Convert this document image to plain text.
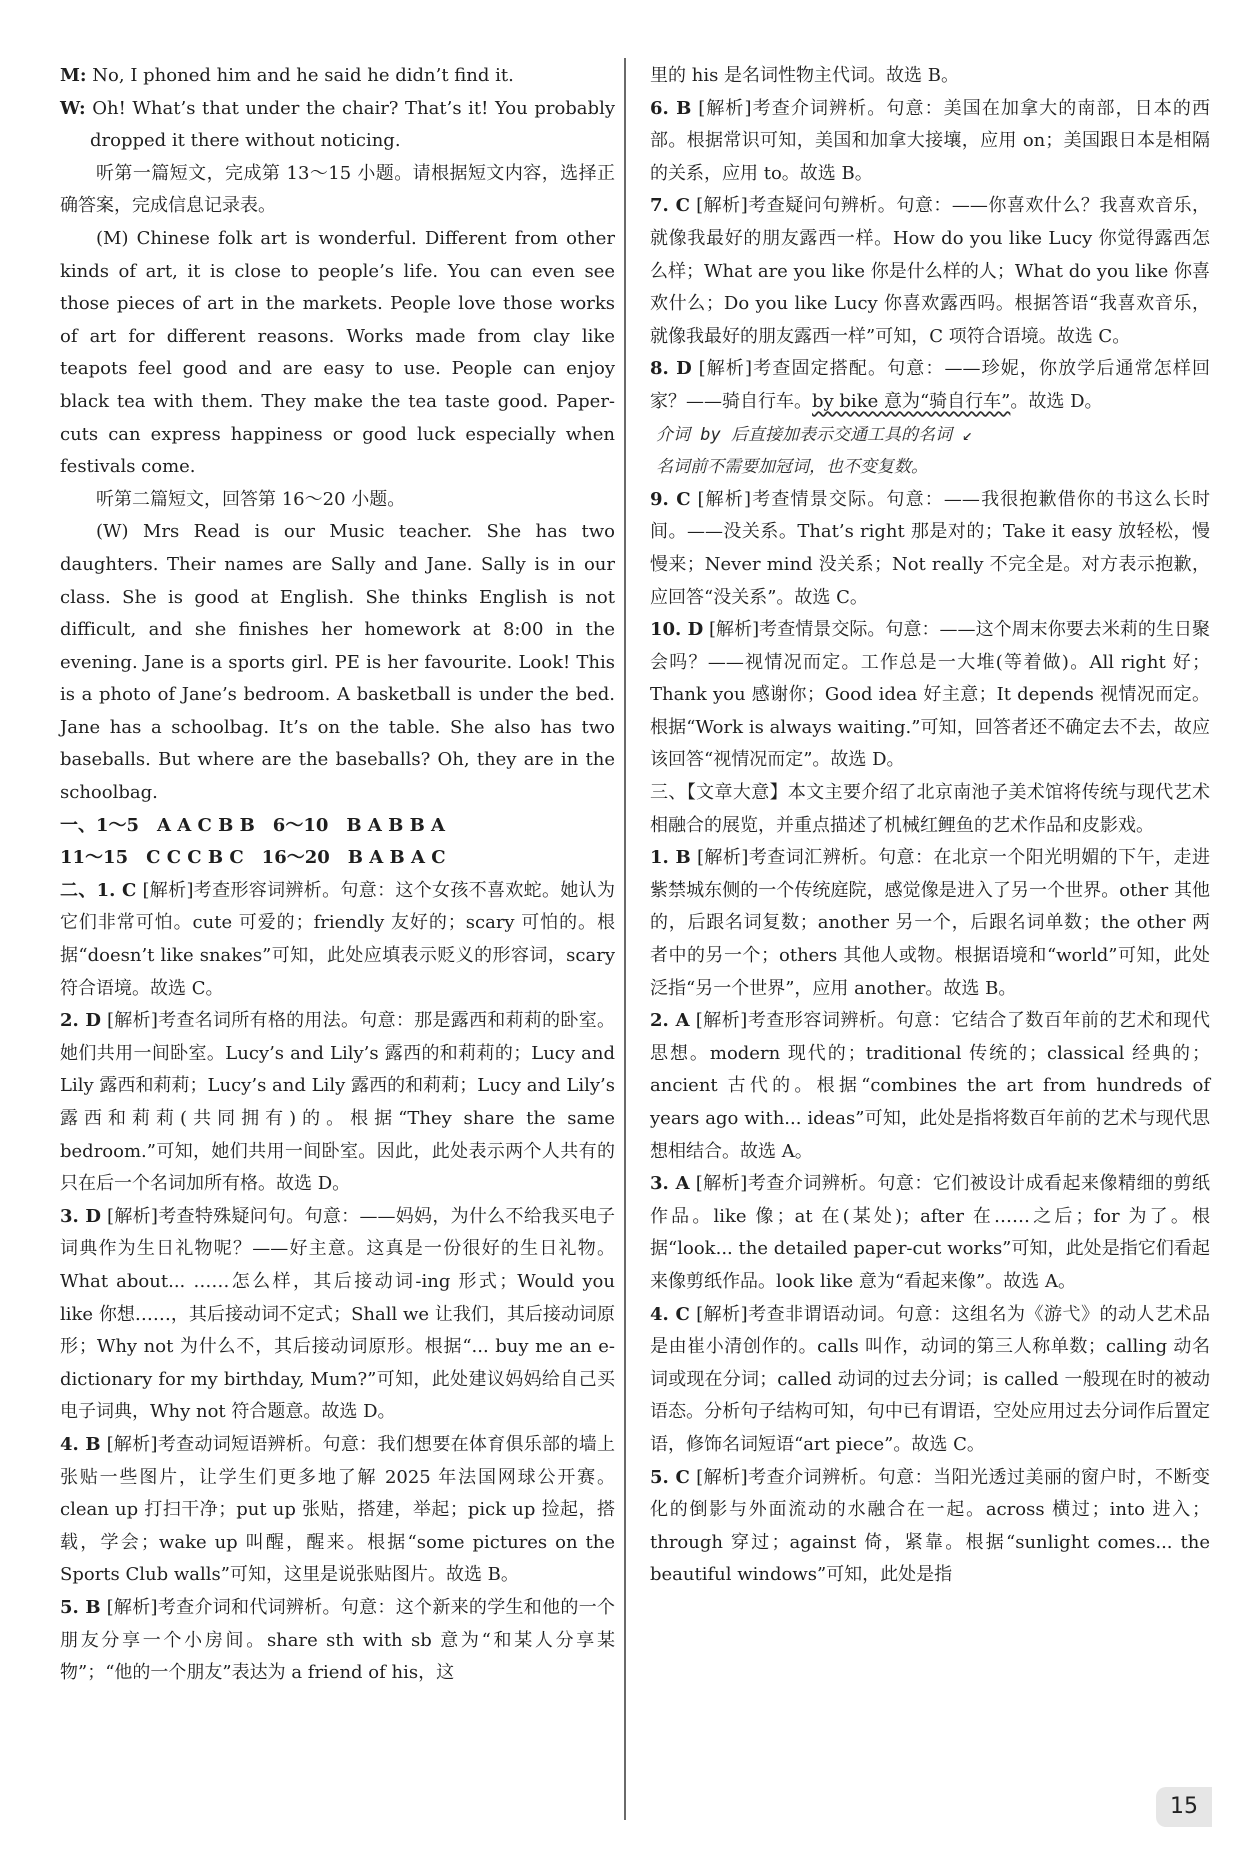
M: No, I phoned him and he said he didn’t find it.

W: Oh! What’s that under the chair? That’s it! You probably dropped it there without noticing.

听第一篇短文，完成第 13～15 小题。请根据短文内容，选择正确答案，完成信息记录表。

(M) Chinese folk art is wonderful. Different from other kinds of art, it is close to people’s life. You can even see those pieces of art in the markets. People love those works of art for different reasons. Works made from clay like teapots feel good and are easy to use. People can enjoy black tea with them. They make the tea taste good. Paper-cuts can express happiness or good luck especially when festivals come.

听第二篇短文，回答第 16～20 小题。

(W) Mrs Read is our Music teacher. She has two daughters. Their names are Sally and Jane. Sally is in our class. She is good at English. She thinks English is not difficult, and she finishes her homework at 8:00 in the evening. Jane is a sports girl. PE is her favourite. Look! This is a photo of Jane’s bedroom. A basketball is under the bed. Jane has a schoolbag. It’s on the table. She also has two baseballs. But where are the baseballs? Oh, they are in the schoolbag.

一、1～5　A A C B B　6～10　B A B B A

11～15　C C C B C　16～20　B A B A C

二、1. C [解析]考查形容词辨析。句意：这个女孩不喜欢蛇。她认为它们非常可怕。cute 可爱的；friendly 友好的；scary 可怕的。根据“doesn’t like snakes”可知，此处应填表示贬义的形容词，scary 符合语境。故选 C。

2. D [解析]考查名词所有格的用法。句意：那是露西和莉莉的卧室。她们共用一间卧室。Lucy’s and Lily’s 露西的和莉莉的；Lucy and Lily 露西和莉莉；Lucy’s and Lily 露西的和莉莉；Lucy and Lily’s 露西和莉莉(共同拥有)的。根据“They share the same bedroom.”可知，她们共用一间卧室。因此，此处表示两个人共有的只在后一个名词加所有格。故选 D。

3. D [解析]考查特殊疑问句。句意：——妈妈，为什么不给我买电子词典作为生日礼物呢？——好主意。这真是一份很好的生日礼物。What about... ……怎么样，其后接动词-ing 形式；Would you like 你想……，其后接动词不定式；Shall we 让我们，其后接动词原形；Why not 为什么不，其后接动词原形。根据“... buy me an e-dictionary for my birthday, Mum?”可知，此处建议妈妈给自己买电子词典，Why not 符合题意。故选 D。

4. B [解析]考查动词短语辨析。句意：我们想要在体育俱乐部的墙上张贴一些图片，让学生们更多地了解 2025 年法国网球公开赛。clean up 打扫干净；put up 张贴，搭建，举起；pick up 捡起，搭载，学会；wake up 叫醒，醒来。根据“some pictures on the Sports Club walls”可知，这里是说张贴图片。故选 B。

5. B [解析]考查介词和代词辨析。句意：这个新来的学生和他的一个朋友分享一个小房间。share sth with sb 意为“和某人分享某物”；“他的一个朋友”表达为 a friend of his，这

里的 his 是名词性物主代词。故选 B。

6. B [解析]考查介词辨析。句意：美国在加拿大的南部，日本的西部。根据常识可知，美国和加拿大接壤，应用 on；美国跟日本是相隔的关系，应用 to。故选 B。

7. C [解析]考查疑问句辨析。句意：——你喜欢什么？我喜欢音乐，就像我最好的朋友露西一样。How do you like Lucy 你觉得露西怎么样；What are you like 你是什么样的人；What do you like 你喜欢什么；Do you like Lucy 你喜欢露西吗。根据答语“我喜欢音乐，就像我最好的朋友露西一样”可知，C 项符合语境。故选 C。

8. D [解析]考查固定搭配。句意：——珍妮，你放学后通常怎样回家？——骑自行车。by bike 意为“骑自行车”。故选 D。

介词 by 后直接加表示交通工具的名词 ↙
名词前不需要加冠词，也不变复数。

9. C [解析]考查情景交际。句意：——我很抱歉借你的书这么长时间。——没关系。That’s right 那是对的；Take it easy 放轻松，慢慢来；Never mind 没关系；Not really 不完全是。对方表示抱歉，应回答“没关系”。故选 C。

10. D [解析]考查情景交际。句意：——这个周末你要去米莉的生日聚会吗？——视情况而定。工作总是一大堆(等着做)。All right 好；Thank you 感谢你；Good idea 好主意；It depends 视情况而定。根据“Work is always waiting.”可知，回答者还不确定去不去，故应该回答“视情况而定”。故选 D。

三、【文章大意】本文主要介绍了北京南池子美术馆将传统与现代艺术相融合的展览，并重点描述了机械红鲤鱼的艺术作品和皮影戏。

1. B [解析]考查词汇辨析。句意：在北京一个阳光明媚的下午，走进紫禁城东侧的一个传统庭院，感觉像是进入了另一个世界。other 其他的，后跟名词复数；another 另一个，后跟名词单数；the other 两者中的另一个；others 其他人或物。根据语境和“world”可知，此处泛指“另一个世界”，应用 another。故选 B。

2. A [解析]考查形容词辨析。句意：它结合了数百年前的艺术和现代思想。modern 现代的；traditional 传统的；classical 经典的；ancient 古代的。根据“combines the art from hundreds of years ago with... ideas”可知，此处是指将数百年前的艺术与现代思想相结合。故选 A。

3. A [解析]考查介词辨析。句意：它们被设计成看起来像精细的剪纸作品。like 像；at 在(某处)；after 在……之后；for 为了。根据“look... the detailed paper-cut works”可知，此处是指它们看起来像剪纸作品。look like 意为“看起来像”。故选 A。

4. C [解析]考查非谓语动词。句意：这组名为《游弋》的动人艺术品是由崔小清创作的。calls 叫作，动词的第三人称单数；calling 动名词或现在分词；called 动词的过去分词；is called 一般现在时的被动语态。分析句子结构可知，句中已有谓语，空处应用过去分词作后置定语，修饰名词短语“art piece”。故选 C。

5. C [解析]考查介词辨析。句意：当阳光透过美丽的窗户时，不断变化的倒影与外面流动的水融合在一起。across 横过；into 进入；through 穿过；against 倚，紧靠。根据“sunlight comes... the beautiful windows”可知，此处是指

15
